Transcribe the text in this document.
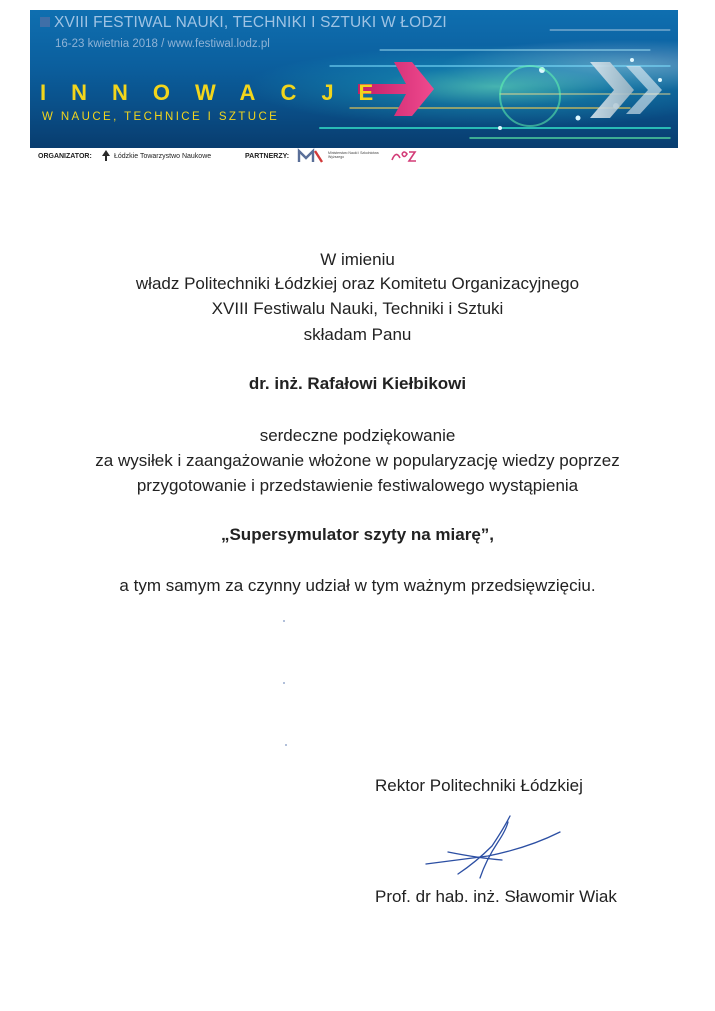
XVIII FESTIWAL NAUKI, TECHNIKI I SZTUKI W ŁODZI
16-23 kwietnia 2018 / www.festiwal.lodz.pl
INNOWACJE
W NAUCE, TECHNICE I SZTUCE
ORGANIZATOR:	Łódzkie Towarzystwo Naukowe	PARTNERZY:	Ministerstwo Nauki i Szkolnictwa Wyższego
W imieniu
władz Politechniki Łódzkiej oraz Komitetu Organizacyjnego
XVIII Festiwalu Nauki, Techniki i Sztuki
składam Panu
dr. inż. Rafałowi Kiełbikowi
serdeczne podziękowanie
za wysiłek i zaangażowanie włożone w popularyzację wiedzy poprzez
przygotowanie i przedstawienie festiwalowego wystąpienia
„Supersymulator szyty na miarę”,
a tym samym za czynny udział w tym ważnym przedsięwzięciu.
Rektor Politechniki Łódzkiej
Prof. dr hab. inż. Sławomir Wiak
